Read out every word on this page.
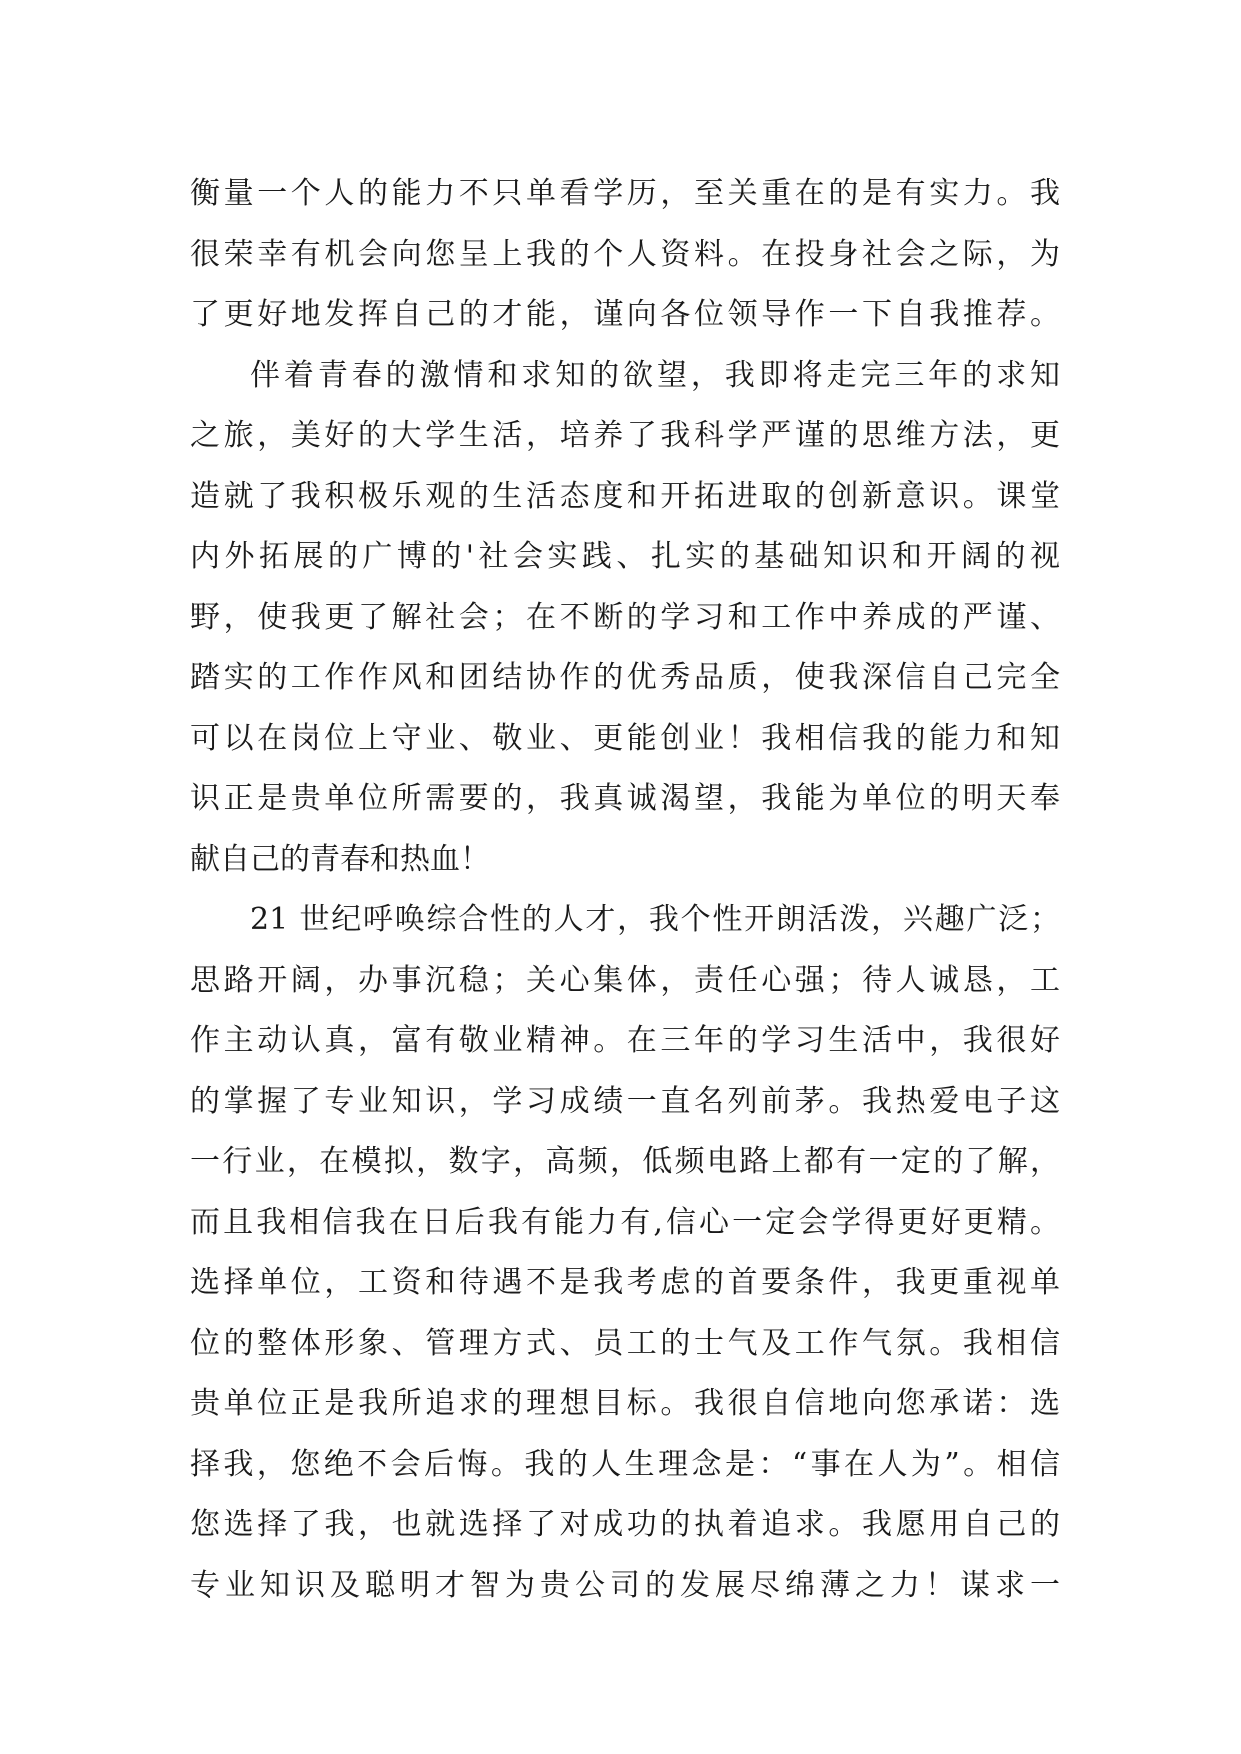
衡量一个人的能力不只单看学历，至关重在的是有实力。我
很荣幸有机会向您呈上我的个人资料。在投身社会之际，为
了更好地发挥自己的才能，谨向各位领导作一下自我推荐。
伴着青春的激情和求知的欲望，我即将走完三年的求知
之旅，美好的大学生活，培养了我科学严谨的思维方法，更
造就了我积极乐观的生活态度和开拓进取的创新意识。课堂
内外拓展的广博的'社会实践、扎实的基础知识和开阔的视
野，使我更了解社会；在不断的学习和工作中养成的严谨、
踏实的工作作风和团结协作的优秀品质，使我深信自己完全
可以在岗位上守业、敬业、更能创业！我相信我的能力和知
识正是贵单位所需要的，我真诚渴望，我能为单位的明天奉
献自己的青春和热血！
21 世纪呼唤综合性的人才，我个性开朗活泼，兴趣广泛；
思路开阔，办事沉稳；关心集体，责任心强；待人诚恳，工
作主动认真，富有敬业精神。在三年的学习生活中，我很好
的掌握了专业知识，学习成绩一直名列前茅。我热爱电子这
一行业，在模拟，数字，高频，低频电路上都有一定的了解，
而且我相信我在日后我有能力有,信心一定会学得更好更精。
选择单位，工资和待遇不是我考虑的首要条件，我更重视单
位的整体形象、管理方式、员工的士气及工作气氛。我相信
贵单位正是我所追求的理想目标。我很自信地向您承诺：选
择我，您绝不会后悔。我的人生理念是：“事在人为”。相信
您选择了我，也就选择了对成功的执着追求。我愿用自己的
专业知识及聪明才智为贵公司的发展尽绵薄之力！谋求一
